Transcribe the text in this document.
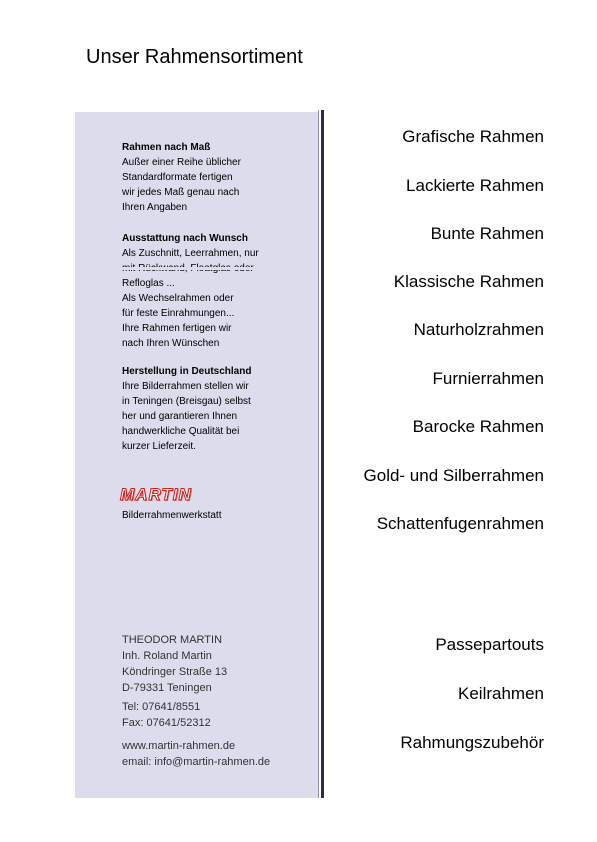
Unser Rahmensortiment

Rahmen nach Maß

Außer einer Reihe üblicher

Standardformate fertigen

wir jedes Maß genau nach

Ihren Angaben

Ausstattung nach Wunsch

Als Zuschnitt, Leerrahmen, nur

Refloglas ...

Als Wechselrahmen oder

für feste Einrahmungen...

Ihre Rahmen fertigen wir

nach Ihren Wünschen

Herstellung in Deutschland

Ihre Bilderrahmen stellen wir

in Teningen (Breisgau) selbst

her und garantieren Ihnen

handwerkliche Qualität bei

kurzer Lieferzeit.

MARTIN
Bilderrahmenwerkstatt

THEODOR MARTIN

Inh. Roland Martin

Köndringer Straße 13

D-79331 Teningen

Tel: 07641/8551

Fax: 07641/52312

www.martin-rahmen.de

email: info@martin-rahmen.de

Grafische Rahmen
Lackierte Rahmen
Bunte Rahmen
Klassische Rahmen
Naturholzrahmen
Furnierrahmen
Barocke Rahmen
Gold- und Silberrahmen
Schattenfugenrahmen
Passepartouts
Keilrahmen
Rahmungszubehör
